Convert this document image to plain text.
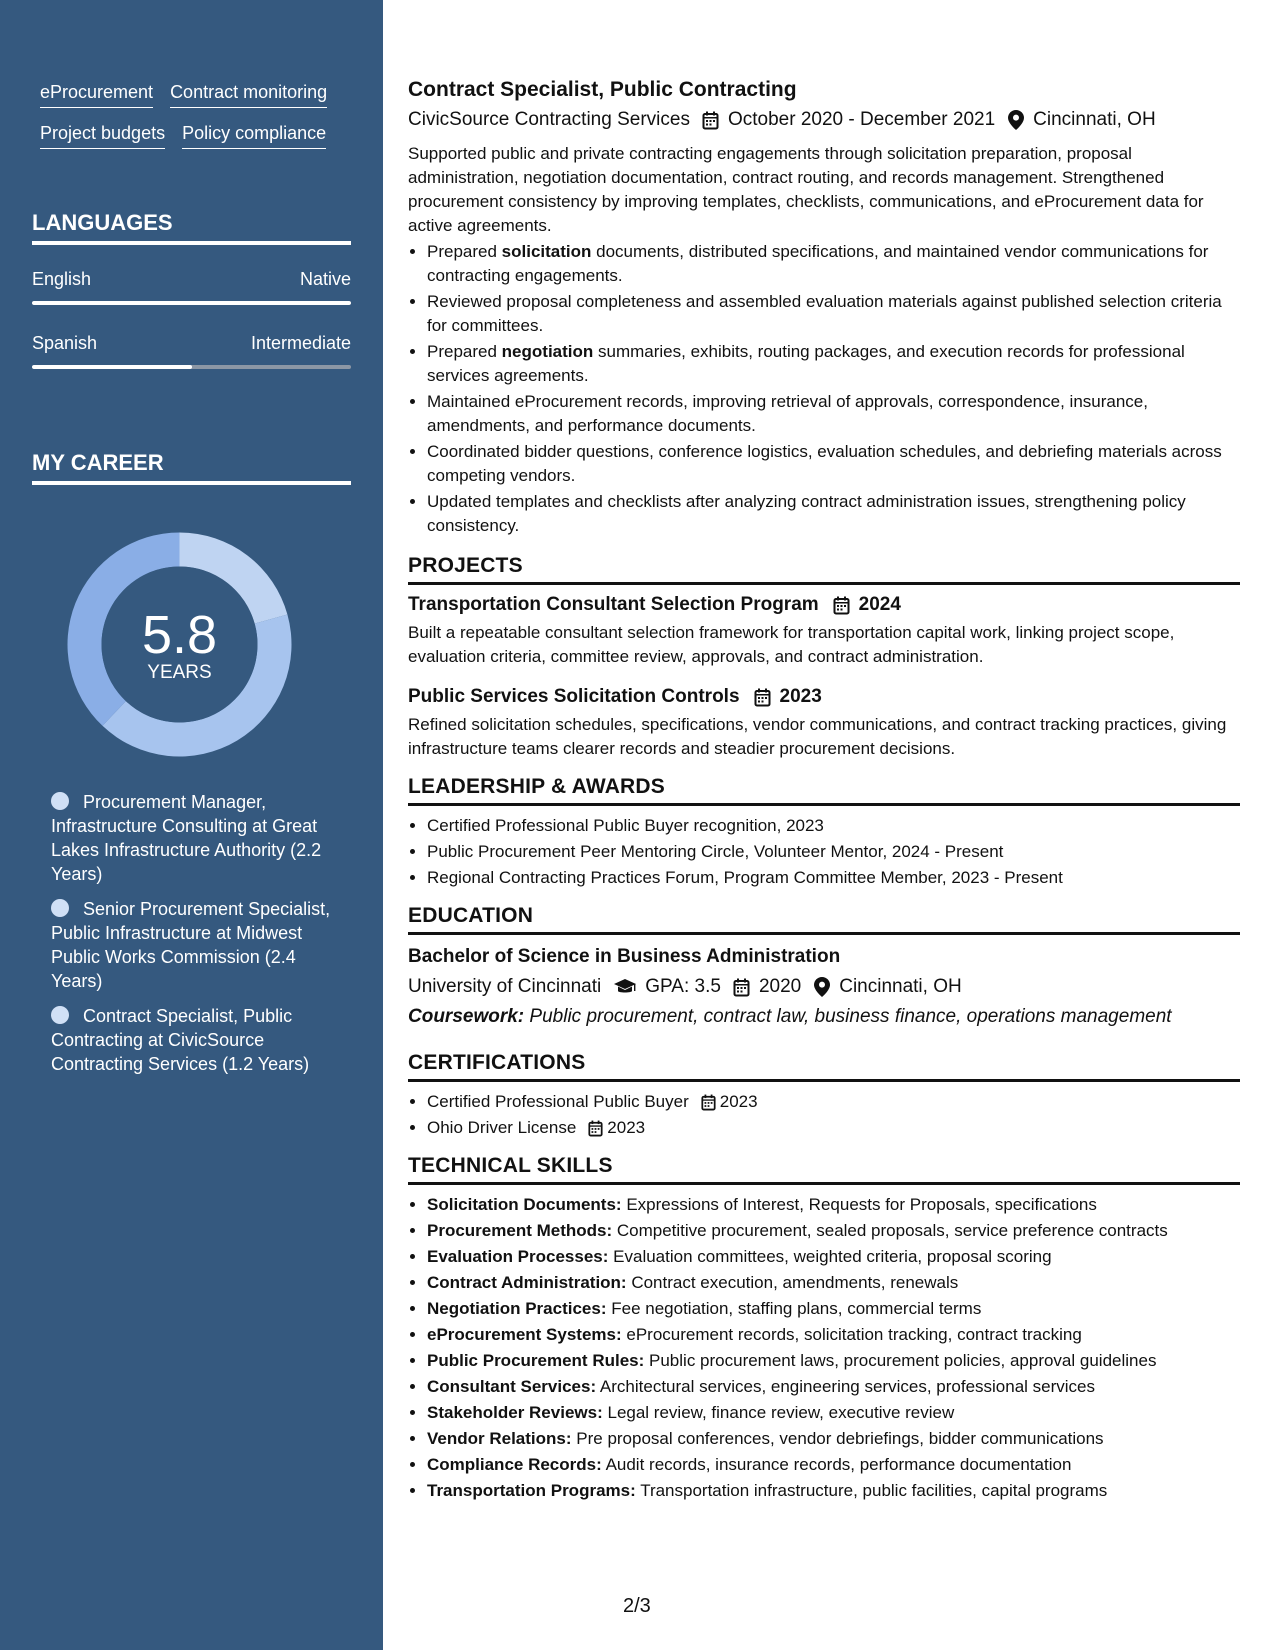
eProcurement Contract monitoring
Project budgets Policy compliance
LANGUAGES
English	Native
Spanish	Intermediate
MY CAREER
5.8
YEARS
Procurement Manager, Infrastructure Consulting at Great Lakes Infrastructure Authority (2.2 Years)
Senior Procurement Specialist, Public Infrastructure at Midwest Public Works Commission (2.4 Years)
Contract Specialist, Public Contracting at CivicSource Contracting Services (1.2 Years)
Contract Specialist, Public Contracting
CivicSource Contracting Services October 2020 - December 2021 Cincinnati, OH

Supported public and private contracting engagements through solicitation preparation, proposal administration, negotiation documentation, contract routing, and records management. Strengthened procurement consistency by improving templates, checklists, communications, and eProcurement data for active agreements.

• Prepared solicitation documents, distributed specifications, and maintained vendor communications for contracting engagements.
• Reviewed proposal completeness and assembled evaluation materials against published selection criteria for committees.
• Prepared negotiation summaries, exhibits, routing packages, and execution records for professional services agreements.
• Maintained eProcurement records, improving retrieval of approvals, correspondence, insurance, amendments, and performance documents.
• Coordinated bidder questions, conference logistics, evaluation schedules, and debriefing materials across competing vendors.
• Updated templates and checklists after analyzing contract administration issues, strengthening policy consistency.
PROJECTS
Transportation Consultant Selection Program 2024

Built a repeatable consultant selection framework for transportation capital work, linking project scope, evaluation criteria, committee review, approvals, and contract administration.

Public Services Solicitation Controls 2023

Refined solicitation schedules, specifications, vendor communications, and contract tracking practices, giving infrastructure teams clearer records and steadier procurement decisions.

LEADERSHIP & AWARDS
• Certified Professional Public Buyer recognition, 2023
• Public Procurement Peer Mentoring Circle, Volunteer Mentor, 2024 - Present
• Regional Contracting Practices Forum, Program Committee Member, 2023 - Present
EDUCATION
Bachelor of Science in Business Administration
University of Cincinnati GPA: 3.5 2020 Cincinnati, OH
Coursework: Public procurement, contract law, business finance, operations management
CERTIFICATIONS
• Certified Professional Public Buyer 2023
• Ohio Driver License 2023
TECHNICAL SKILLS
• Solicitation Documents: Expressions of Interest, Requests for Proposals, specifications
• Procurement Methods: Competitive procurement, sealed proposals, service preference contracts
• Evaluation Processes: Evaluation committees, weighted criteria, proposal scoring
• Contract Administration: Contract execution, amendments, renewals
• Negotiation Practices: Fee negotiation, staffing plans, commercial terms
• eProcurement Systems: eProcurement records, solicitation tracking, contract tracking
• Public Procurement Rules: Public procurement laws, procurement policies, approval guidelines
• Consultant Services: Architectural services, engineering services, professional services
• Stakeholder Reviews: Legal review, finance review, executive review
• Vendor Relations: Pre proposal conferences, vendor debriefings, bidder communications
• Compliance Records: Audit records, insurance records, performance documentation
• Transportation Programs: Transportation infrastructure, public facilities, capital programs
2/3
